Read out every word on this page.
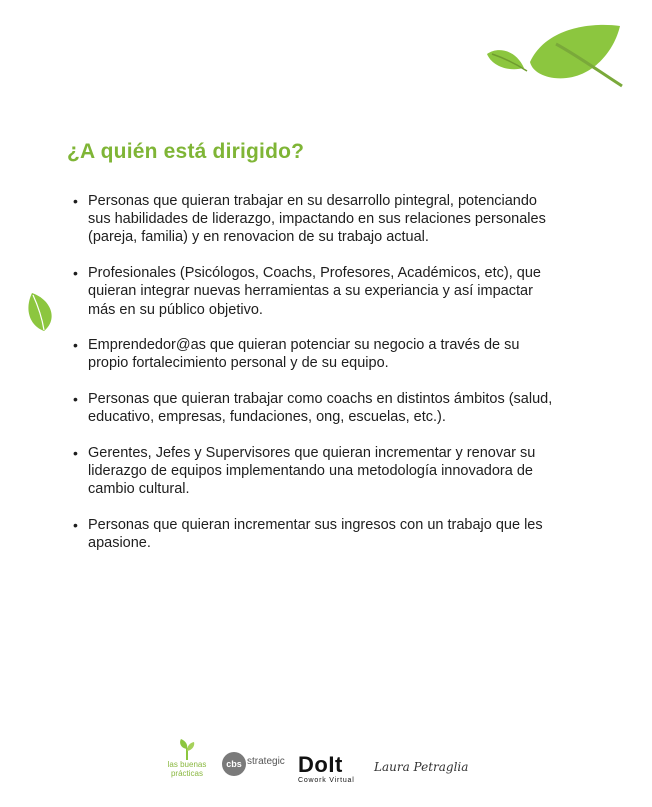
¿A quién está dirigido?
• Personas que quieran trabajar en su desarrollo pintegral, potenciando sus habilidades de liderazgo, impactando en sus relaciones personales (pareja, familia) y en renovacion de su trabajo actual.
• Profesionales (Psicólogos, Coachs, Profesores, Académicos, etc), que quieran integrar nuevas herramientas a su experiancia y así impactar más en su público objetivo.
• Emprendedor@as que quieran potenciar su negocio a través de su propio fortalecimiento personal y de su equipo.
• Personas que quieran trabajar como coachs en distintos ámbitos (salud, educativo, empresas, fundaciones, ong, escuelas, etc.).
• Gerentes, Jefes y Supervisores que quieran incrementar y renovar su liderazgo de equipos implementando una metodología innovadora de cambio cultural.
• Personas que quieran incrementar sus ingresos con un trabajo que les apasione.
las buenas
prácticas
cbs strategic DoIt
Cowork Virtual
Laura Petraglia
